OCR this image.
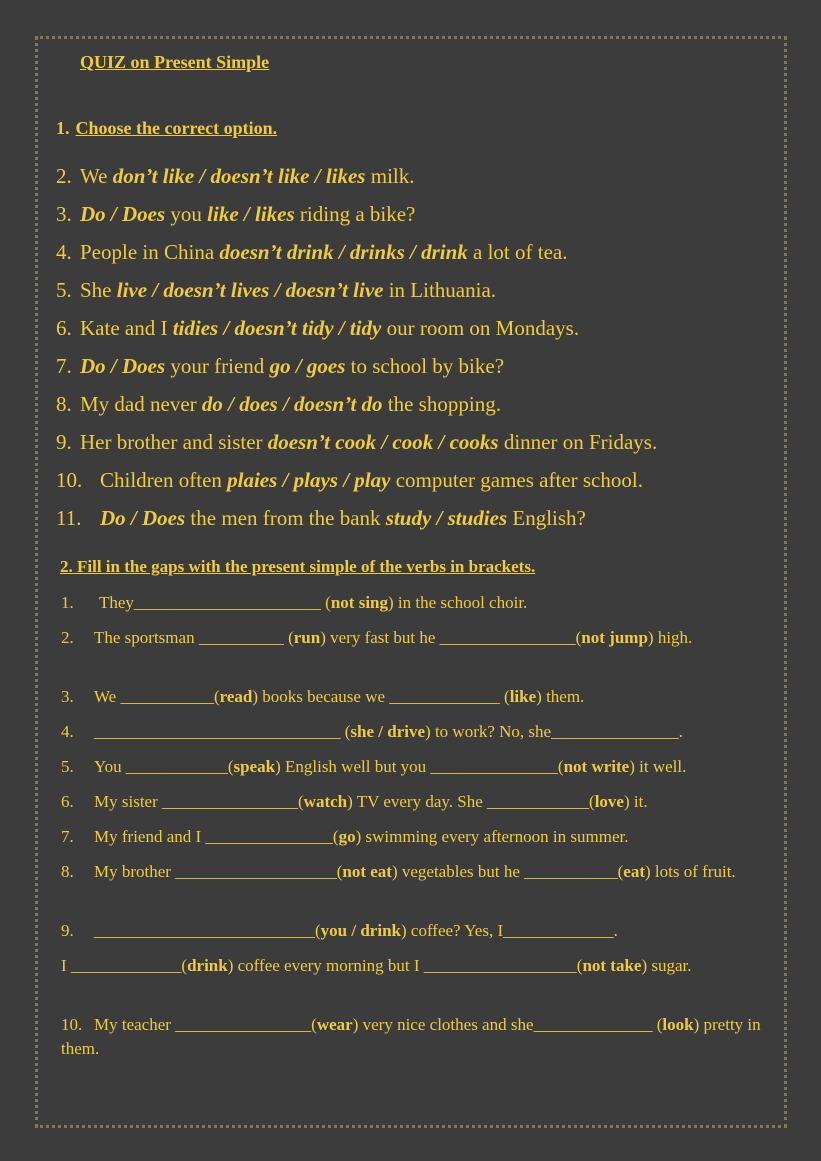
QUIZ on Present Simple
1. Choose the correct option.
2. We don’t like / doesn’t like / likes milk.
3. Do / Does you like / likes riding a bike?
4. People in China doesn’t drink / drinks / drink a lot of tea.
5. She live / doesn’t lives / doesn’t live in Lithuania.
6. Kate and I tidies / doesn’t tidy / tidy our room on Mondays.
7. Do / Does your friend go / goes to school by bike?
8. My dad never do / does / doesn’t do the shopping.
9. Her brother and sister doesn’t cook / cook / cooks dinner on Fridays.
10. Children often plaies / plays / play computer games after school.
11. Do / Does the men from the bank study / studies English?
2. Fill in the gaps with the present simple of the verbs in brackets.
1. They______________________ (not sing) in the school choir.
2. The sportsman __________ (run) very fast but he ________________(not jump) high.
3. We ___________(read) books because we _____________ (like) them.
4. _____________________________ (she / drive) to work? No, she_______________.
5. You ____________(speak) English well but you _______________(not write) it well.
6. My sister ________________(watch) TV every day. She ____________(love) it.
7. My friend and I _______________(go) swimming every afternoon in summer.
8. My brother ___________________(not eat) vegetables but he ___________(eat) lots of fruit.
9. __________________________(you / drink) coffee? Yes, I_____________.
I _____________(drink) coffee every morning but I __________________(not take) sugar.
10. My teacher ________________(wear) very nice clothes and she______________ (look) pretty in them.
